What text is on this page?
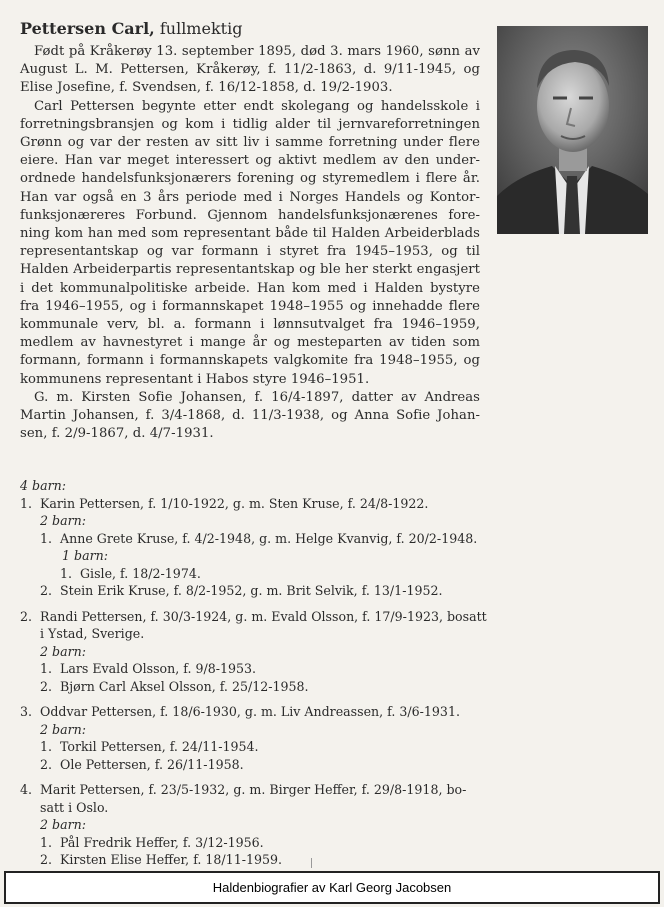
Pettersen Carl, fullmektig

Født på Kråkerøy 13. september 1895, død 3. mars 1960, sønn av
August L. M. Pettersen, Kråkerøy, f. 11/2-1863, d. 9/11-1945, og
Elise Josefine, f. Svendsen, f. 16/12-1858, d. 19/2-1903.

Carl Pettersen begynte etter endt skolegang og handelsskole i
forretningsbransjen og kom i tidlig alder til jernvareforretningen
Grønn og var der resten av sitt liv i samme forretning under flere
eiere. Han var meget interessert og aktivt medlem av den under-
ordnede handelsfunksjonærers forening og styremedlem i flere år.
Han var også en 3 års periode med i Norges Handels og Kontor-
funksjonæreres Forbund. Gjennom handelsfunksjonærenes fore-
ning kom han med som representant både til Halden Arbeiderblads
representantskap og var formann i styret fra 1945–1953, og til
Halden Arbeiderpartis representantskap og ble her sterkt engasjert
i det kommunalpolitiske arbeide. Han kom med i Halden bystyre
fra 1946–1955, og i formannskapet 1948–1955 og innehadde flere
kommunale verv, bl. a. formann i lønnsutvalget fra 1946–1959,
medlem av havnestyret i mange år og mesteparten av tiden som
formann, formann i formannskapets valgkomite fra 1948–1955, og
kommunens representant i Habos styre 1946–1951.

G. m. Kirsten Sofie Johansen, f. 16/4-1897, datter av Andreas
Martin Johansen, f. 3/4-1868, d. 11/3-1938, og Anna Sofie Johan-
sen, f. 2/9-1867, d. 4/7-1931.

4 barn:
1. Karin Pettersen, f. 1/10-1922, g. m. Sten Kruse, f. 24/8-1922.
2 barn:
1. Anne Grete Kruse, f. 4/2-1948, g. m. Helge Kvanvig, f. 20/2-1948.
1 barn:
1. Gisle, f. 18/2-1974.
2. Stein Erik Kruse, f. 8/2-1952, g. m. Brit Selvik, f. 13/1-1952.
2. Randi Pettersen, f. 30/3-1924, g. m. Evald Olsson, f. 17/9-1923, bosatt
i Ystad, Sverige.
2 barn:
1. Lars Evald Olsson, f. 9/8-1953.
2. Bjørn Carl Aksel Olsson, f. 25/12-1958.
3. Oddvar Pettersen, f. 18/6-1930, g. m. Liv Andreassen, f. 3/6-1931.
2 barn:
1. Torkil Pettersen, f. 24/11-1954.
2. Ole Pettersen, f. 26/11-1958.
4. Marit Pettersen, f. 23/5-1932, g. m. Birger Heffer, f. 29/8-1918, bo-
satt i Oslo.
2 barn:
1. Pål Fredrik Heffer, f. 3/12-1956.
2. Kirsten Elise Heffer, f. 18/11-1959.
Haldenbiografier av Karl Georg Jacobsen
